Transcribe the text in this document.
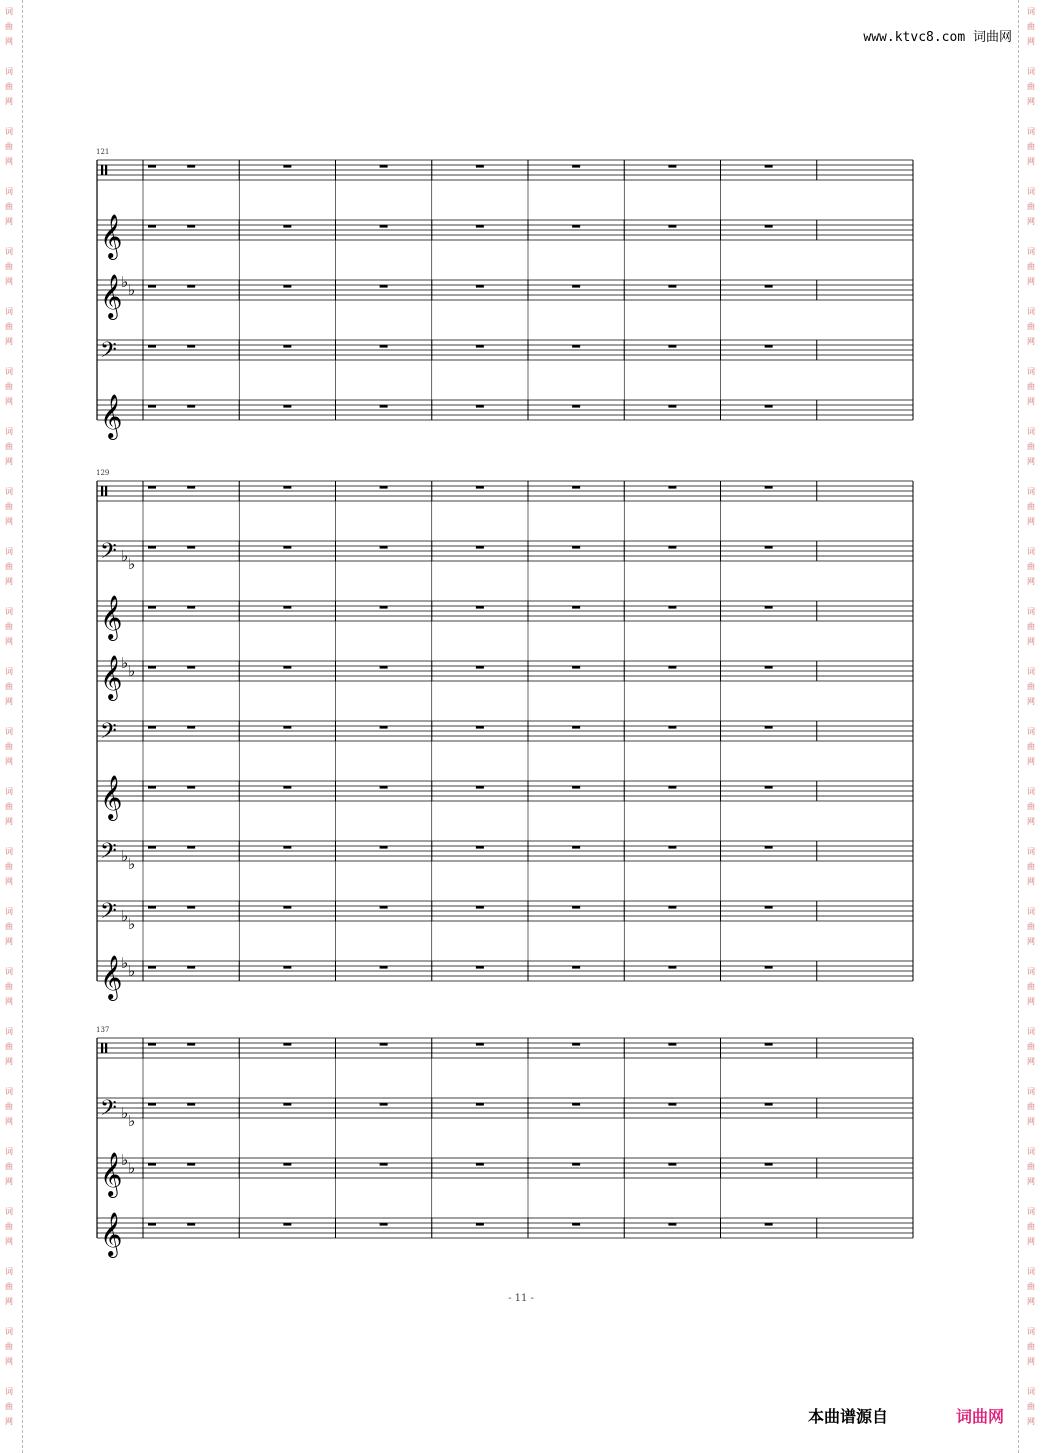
词
曲
网
词
曲
网
词
曲
网
词
曲
网
词
曲
网
词
曲
网
词
曲
网
词
曲
网
词
曲
网
词
曲
网
词
曲
网
词
曲
网
词
曲
网
词
曲
网
词
曲
网
词
曲
网
词
曲
网
词
曲
网
词
曲
网
词
曲
网
词
曲
网
词
曲
网
词
曲
网
词
曲
网
词
曲
网
词
曲
网
词
曲
网
词
曲
网
词
曲
网
词
曲
网
词
曲
网
词
曲
网
词
曲
网
词
曲
网
词
曲
网
词
曲
网
词
曲
网
词
曲
网
词
曲
网
词
曲
网
词
曲
网
词
曲
网
词
曲
网
词
曲
网
词
曲
网
词
曲
网
词
曲
网
词
曲
网
www.ktvc8.com 词曲网
121
𝄞
𝄞
♭ ♭
𝄢
𝄞
129
𝄢 ♭ ♭
𝄞
𝄞
♭ ♭
𝄢
𝄞
𝄢 ♭ ♭
𝄢 ♭ ♭
𝄞
♭ ♭
137
𝄢 ♭ ♭
𝄞
♭ ♭
𝄞
- 11 -
本曲谱源自	词曲网
